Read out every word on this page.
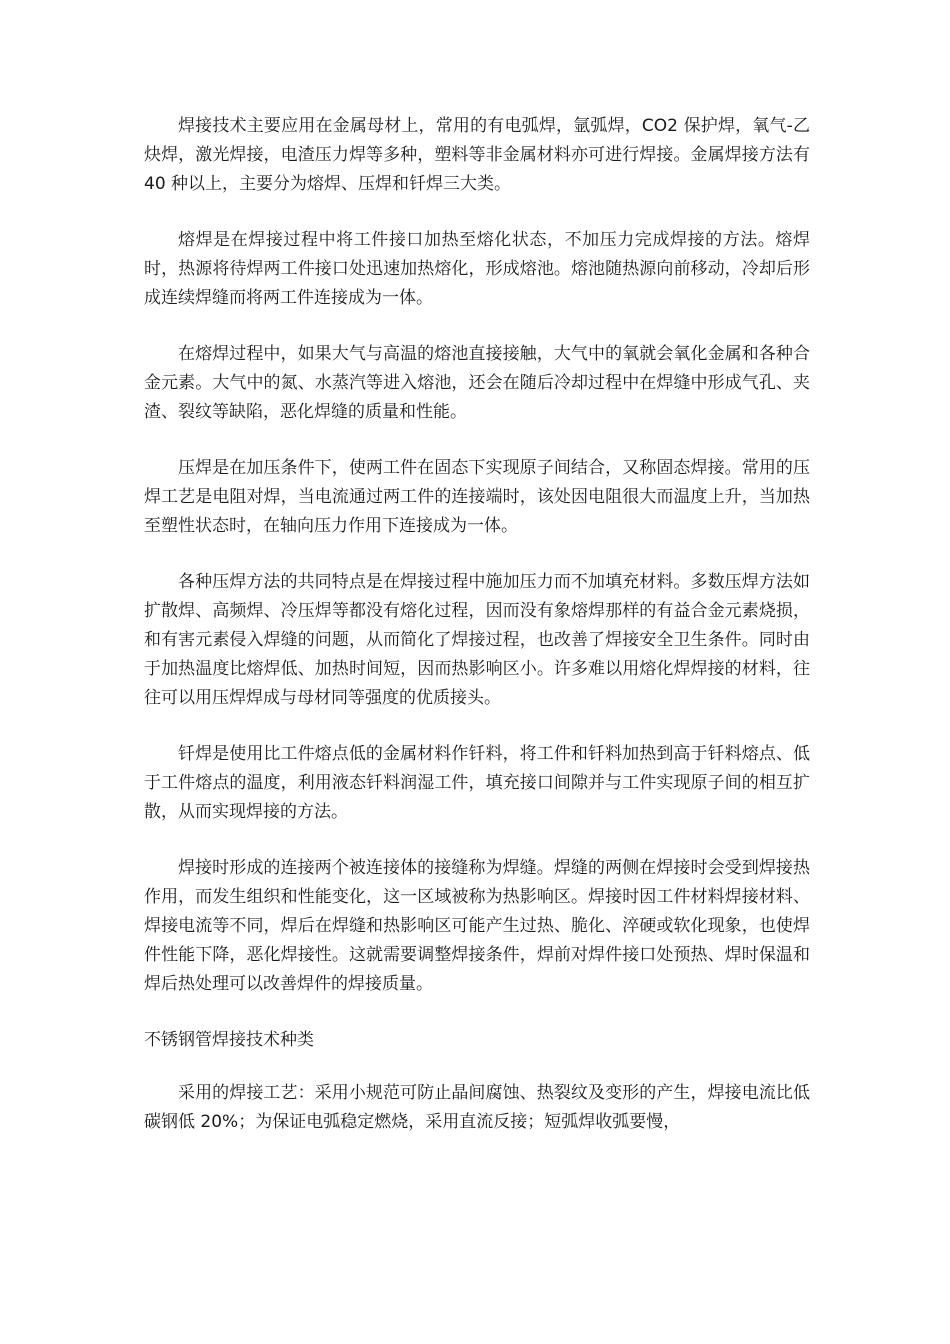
焊接技术主要应用在金属母材上，常用的有电弧焊，氩弧焊，CO2 保护焊，氧气-乙炔焊，激光焊接，电渣压力焊等多种，塑料等非金属材料亦可进行焊接。金属焊接方法有 40 种以上，主要分为熔焊、压焊和钎焊三大类。

熔焊是在焊接过程中将工件接口加热至熔化状态，不加压力完成焊接的方法。熔焊时，热源将待焊两工件接口处迅速加热熔化，形成熔池。熔池随热源向前移动，冷却后形成连续焊缝而将两工件连接成为一体。

在熔焊过程中，如果大气与高温的熔池直接接触，大气中的氧就会氧化金属和各种合金元素。大气中的氮、水蒸汽等进入熔池，还会在随后冷却过程中在焊缝中形成气孔、夹渣、裂纹等缺陷，恶化焊缝的质量和性能。

压焊是在加压条件下，使两工件在固态下实现原子间结合，又称固态焊接。常用的压焊工艺是电阻对焊，当电流通过两工件的连接端时，该处因电阻很大而温度上升，当加热至塑性状态时，在轴向压力作用下连接成为一体。

各种压焊方法的共同特点是在焊接过程中施加压力而不加填充材料。多数压焊方法如扩散焊、高频焊、冷压焊等都没有熔化过程，因而没有象熔焊那样的有益合金元素烧损，和有害元素侵入焊缝的问题，从而简化了焊接过程，也改善了焊接安全卫生条件。同时由于加热温度比熔焊低、加热时间短，因而热影响区小。许多难以用熔化焊焊接的材料，往往可以用压焊焊成与母材同等强度的优质接头。

钎焊是使用比工件熔点低的金属材料作钎料，将工件和钎料加热到高于钎料熔点、低于工件熔点的温度，利用液态钎料润湿工件，填充接口间隙并与工件实现原子间的相互扩散，从而实现焊接的方法。

焊接时形成的连接两个被连接体的接缝称为焊缝。焊缝的两侧在焊接时会受到焊接热作用，而发生组织和性能变化，这一区域被称为热影响区。焊接时因工件材料焊接材料、焊接电流等不同，焊后在焊缝和热影响区可能产生过热、脆化、淬硬或软化现象，也使焊件性能下降，恶化焊接性。这就需要调整焊接条件，焊前对焊件接口处预热、焊时保温和焊后热处理可以改善焊件的焊接质量。

不锈钢管焊接技术种类

采用的焊接工艺：采用小规范可防止晶间腐蚀、热裂纹及变形的产生，焊接电流比低碳钢低 20%；为保证电弧稳定燃烧，采用直流反接；短弧焊收弧要慢，
